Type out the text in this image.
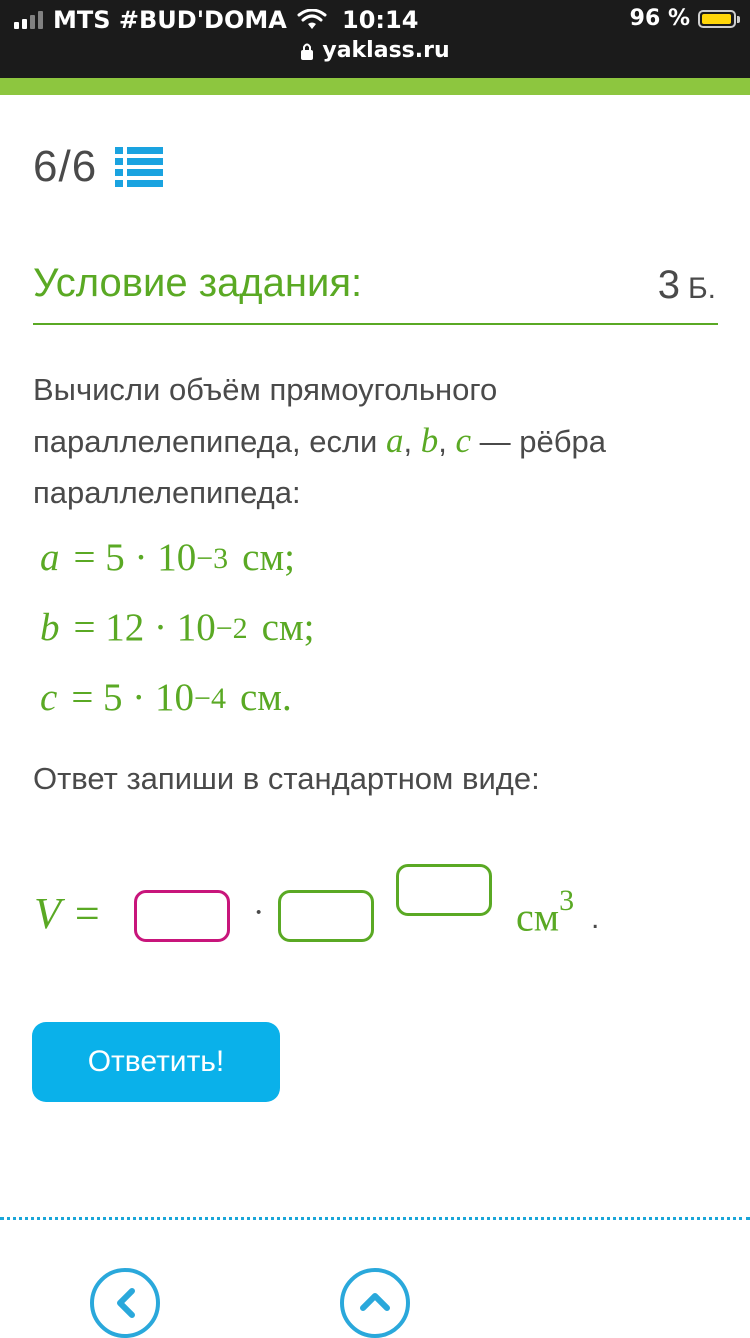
MTS #BUD'DOMA 10:14	96 %
yaklass.ru
6/6
Условие задания:	3 Б.
Вычисли объём прямоугольного параллелепипеда, если a, b, c — рёбра параллелепипеда:
$a = 5 \cdot 10^{-3}$ см;
$b = 12 \cdot 10^{-2}$ см;
$c = 5 \cdot 10^{-4}$ см.
Ответ запиши в стандартном виде:
V =	·	$см^3$
.
Ответить!
